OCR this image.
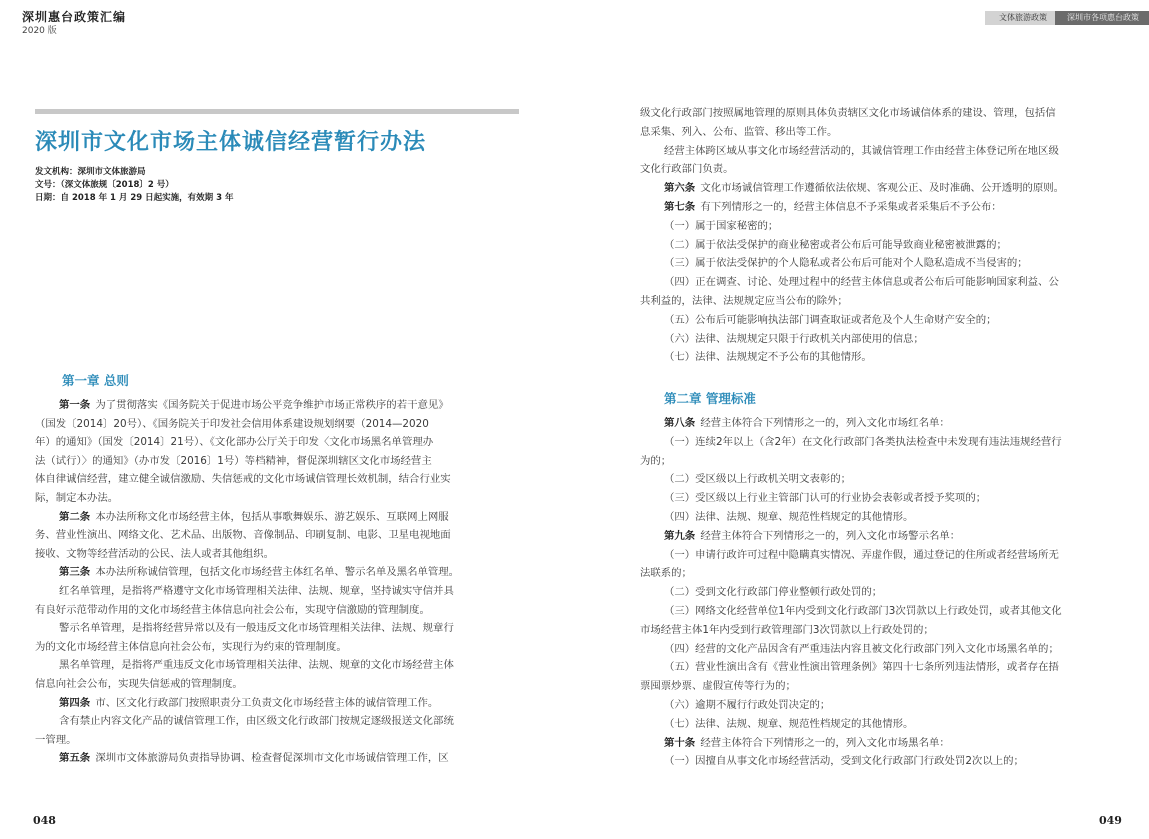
深圳惠台政策汇编
2020 版
文体旅游政策	深圳市各项惠台政策
深圳市文化市场主体诚信经营暂行办法
发文机构：深圳市文体旅游局
文号：（深文体旅规〔2018〕2 号）
日期：自 2018 年 1 月 29 日起实施，有效期 3 年
第一章 总则
第一条  为了贯彻落实《国务院关于促进市场公平竞争维护市场正常秩序的若干意见》
（国发〔2014〕20号）、《国务院关于印发社会信用体系建设规划纲要（2014—2020
年）的通知》（国发〔2014〕21号）、《文化部办公厅关于印发〈文化市场黑名单管理办
法（试行）〉的通知》（办市发〔2016〕1号）等档精神，督促深圳辖区文化市场经营主
体自律诚信经营，建立健全诚信激励、失信惩戒的文化市场诚信管理长效机制，结合行业实
际，制定本办法。
第二条  本办法所称文化市场经营主体，包括从事歌舞娱乐、游艺娱乐、互联网上网服
务、营业性演出、网络文化、艺术品、出版物、音像制品、印刷复制、电影、卫星电视地面
接收、文物等经营活动的公民、法人或者其他组织。
第三条  本办法所称诚信管理，包括文化市场经营主体红名单、警示名单及黑名单管理。
红名单管理，是指将严格遵守文化市场管理相关法律、法规、规章，坚持诚实守信并具
有良好示范带动作用的文化市场经营主体信息向社会公布，实现守信激励的管理制度。
警示名单管理，是指将经营异常以及有一般违反文化市场管理相关法律、法规、规章行
为的文化市场经营主体信息向社会公布，实现行为约束的管理制度。
黑名单管理，是指将严重违反文化市场管理相关法律、法规、规章的文化市场经营主体
信息向社会公布，实现失信惩戒的管理制度。
第四条  市、区文化行政部门按照职责分工负责文化市场经营主体的诚信管理工作。
含有禁止内容文化产品的诚信管理工作，由区级文化行政部门按规定逐级报送文化部统
一管理。
第五条  深圳市文体旅游局负责指导协调、检查督促深圳市文化市场诚信管理工作，区
级文化行政部门按照属地管理的原则具体负责辖区文化市场诚信体系的建设、管理，包括信
息采集、列入、公布、监管、移出等工作。
经营主体跨区域从事文化市场经营活动的，其诚信管理工作由经营主体登记所在地区级
文化行政部门负责。
第六条  文化市场诚信管理工作遵循依法依规、客观公正、及时准确、公开透明的原则。
第七条  有下列情形之一的，经营主体信息不予采集或者采集后不予公布：
（一）属于国家秘密的；
（二）属于依法受保护的商业秘密或者公布后可能导致商业秘密被泄露的；
（三）属于依法受保护的个人隐私或者公布后可能对个人隐私造成不当侵害的；
（四）正在调查、讨论、处理过程中的经营主体信息或者公布后可能影响国家利益、公
共利益的，法律、法规规定应当公布的除外；
（五）公布后可能影响执法部门调查取证或者危及个人生命财产安全的；
（六）法律、法规规定只限于行政机关内部使用的信息；
（七）法律、法规规定不予公布的其他情形。
第二章 管理标准
第八条  经营主体符合下列情形之一的，列入文化市场红名单：
（一）连续2年以上（含2年）在文化行政部门各类执法检查中未发现有违法违规经营行
为的；
（二）受区级以上行政机关明文表彰的；
（三）受区级以上行业主管部门认可的行业协会表彰或者授予奖项的；
（四）法律、法规、规章、规范性档规定的其他情形。
第九条  经营主体符合下列情形之一的，列入文化市场警示名单：
（一）申请行政许可过程中隐瞒真实情况、弄虚作假，通过登记的住所或者经营场所无
法联系的；
（二）受到文化行政部门停业整顿行政处罚的；
（三）网络文化经营单位1年内受到文化行政部门3次罚款以上行政处罚，或者其他文化
市场经营主体1年内受到行政管理部门3次罚款以上行政处罚的；
（四）经营的文化产品因含有严重违法内容且被文化行政部门列入文化市场黑名单的；
（五）营业性演出含有《营业性演出管理条例》第四十七条所列违法情形，或者存在捂
票囤票炒票、虚假宣传等行为的；
（六）逾期不履行行政处罚决定的；
（七）法律、法规、规章、规范性档规定的其他情形。
第十条  经营主体符合下列情形之一的，列入文化市场黑名单：
（一）因擅自从事文化市场经营活动，受到文化行政部门行政处罚2次以上的；
048	049
